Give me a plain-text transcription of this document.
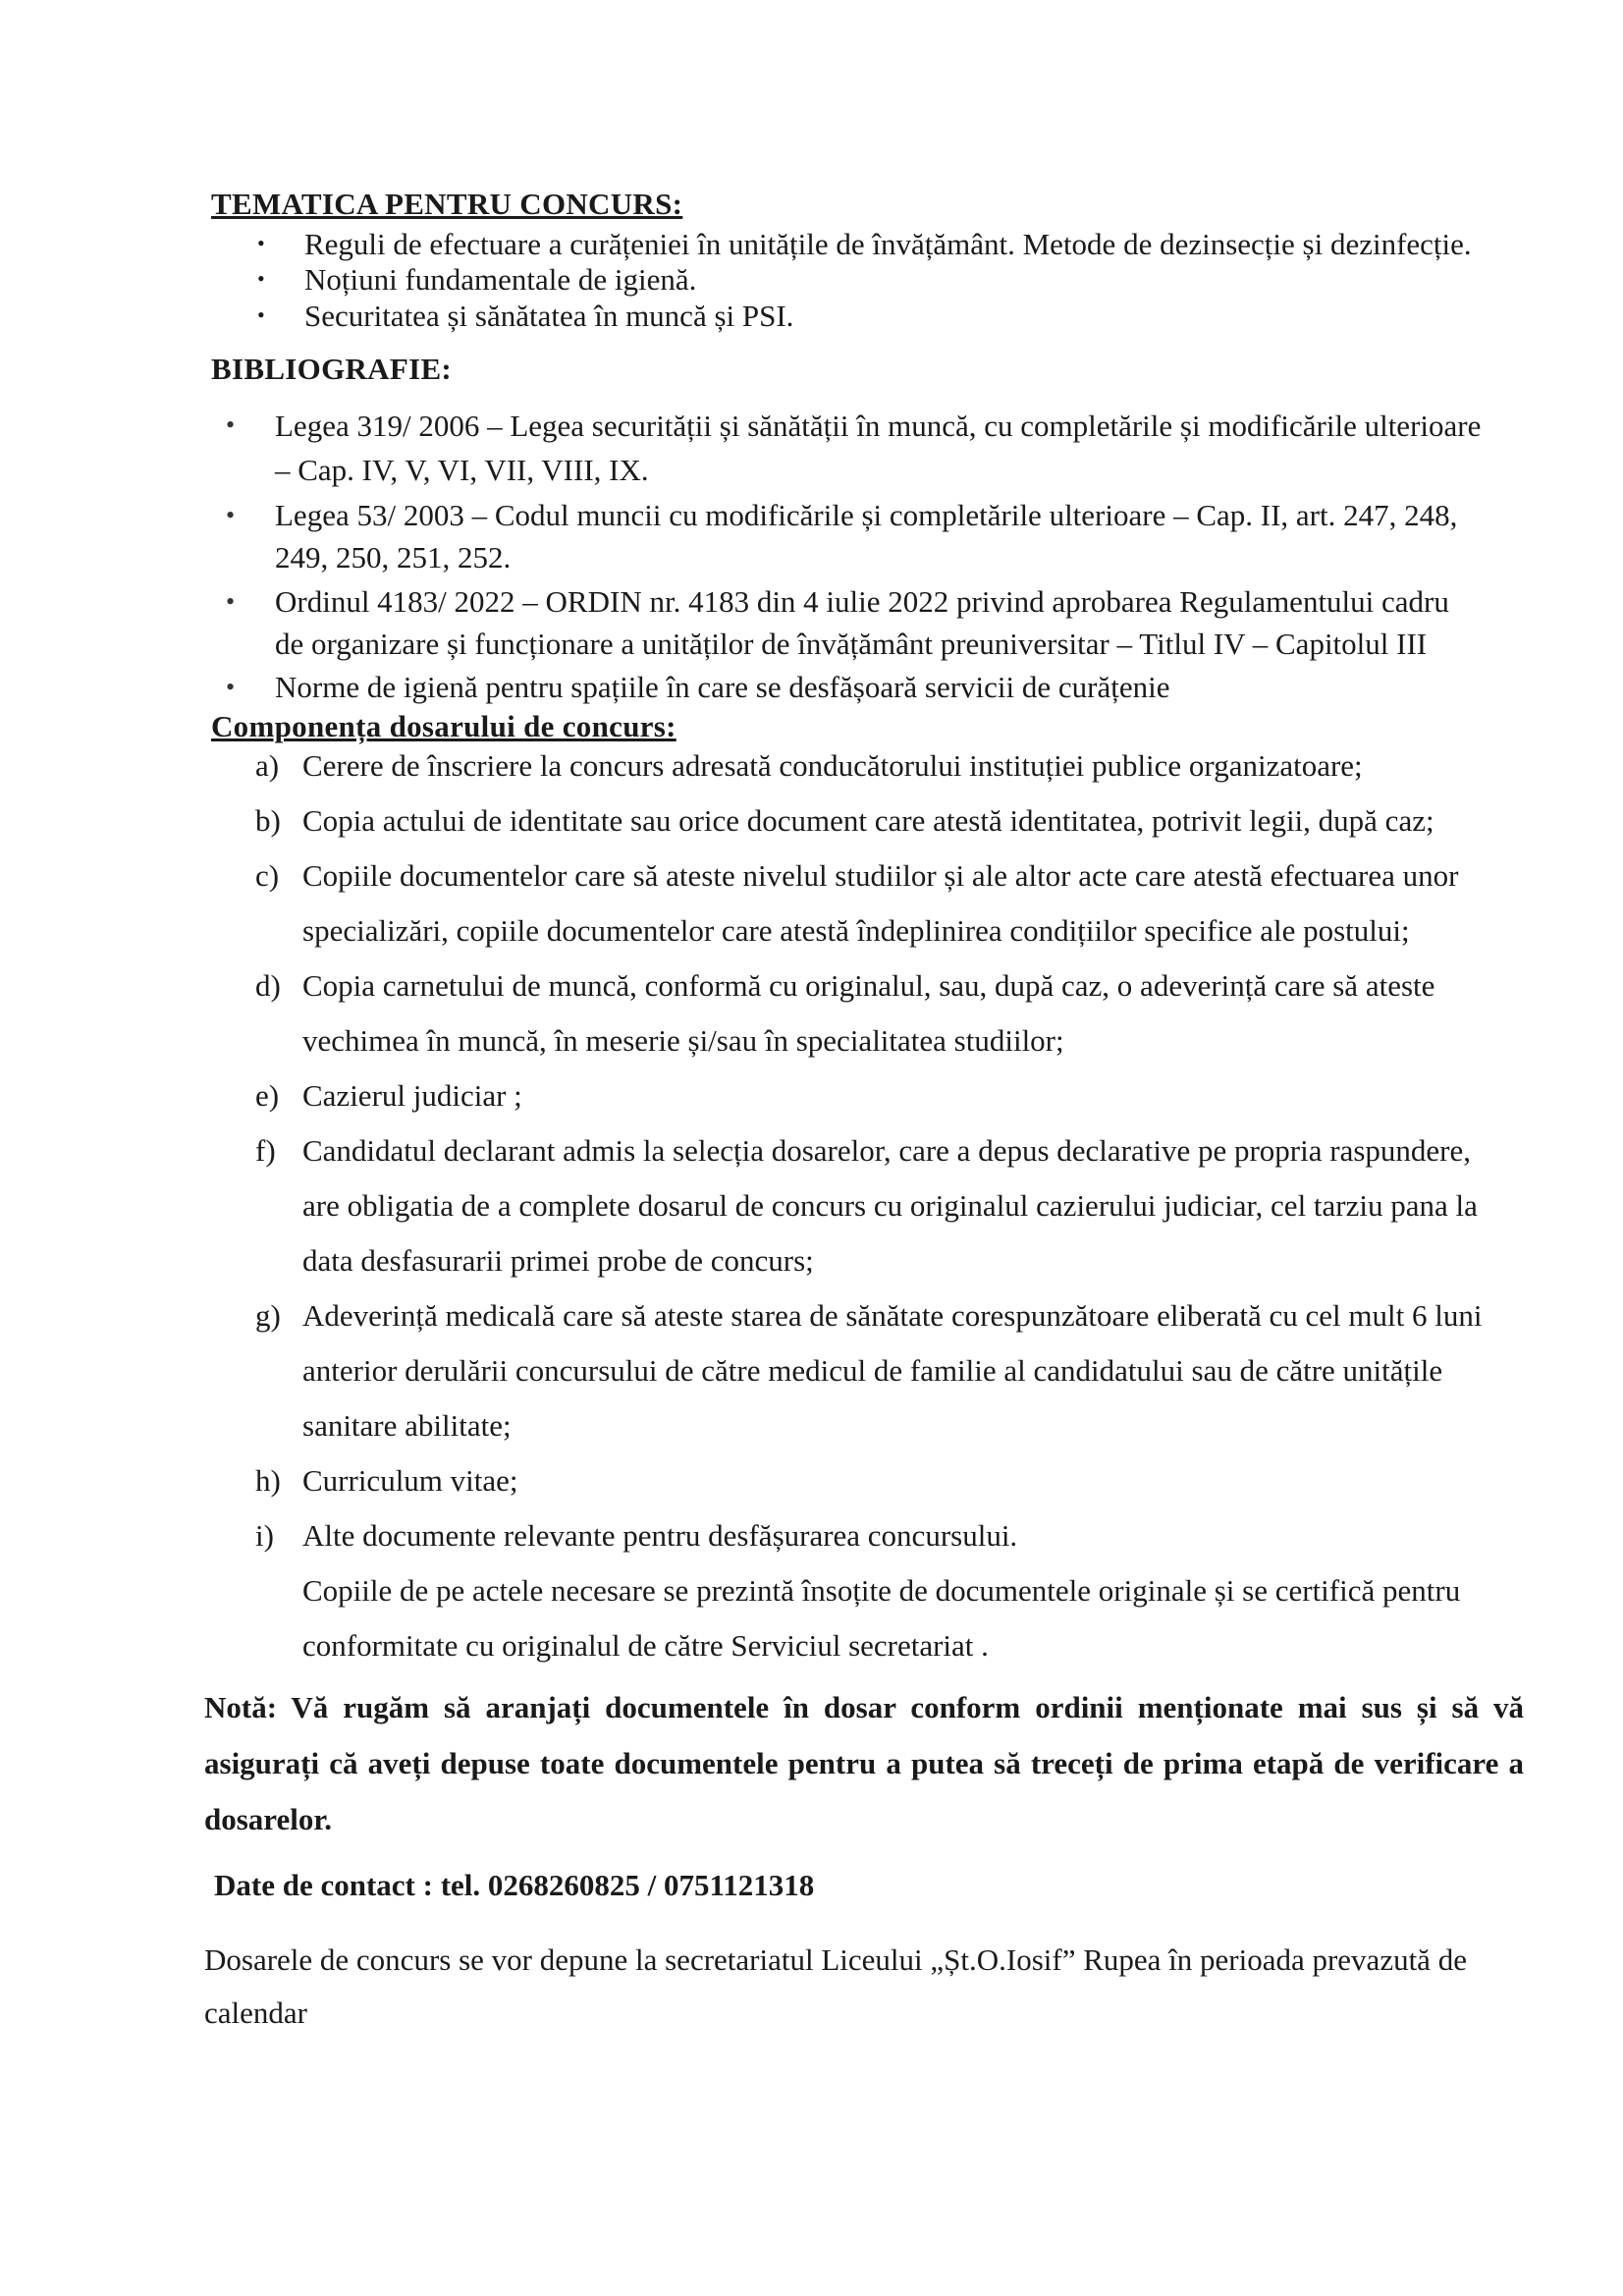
TEMATICA PENTRU CONCURS:
• Reguli de efectuare a curățeniei în unitățile de învățământ. Metode de dezinsecție și dezinfecție.
• Noțiuni fundamentale de igienă.
• Securitatea și sănătatea în muncă și PSI.
BIBLIOGRAFIE:
• Legea 319/ 2006 – Legea securității și sănătății în muncă, cu completările și modificările ulterioare
– Cap. IV, V, VI, VII, VIII, IX.
• Legea 53/ 2003 – Codul muncii cu modificările și completările ulterioare – Cap. II, art. 247, 248,
249, 250, 251, 252.
• Ordinul 4183/ 2022 – ORDIN nr. 4183 din 4 iulie 2022 privind aprobarea Regulamentului cadru
de organizare și funcționare a unităților de învățământ preuniversitar – Titlul IV – Capitolul III
• Norme de igienă pentru spațiile în care se desfășoară servicii de curățenie
Componența dosarului de concurs:
a) Cerere de înscriere la concurs adresată conducătorului instituției publice organizatoare;
b) Copia actului de identitate sau orice document care atestă identitatea, potrivit legii, după caz;
c) Copiile documentelor care să ateste nivelul studiilor și ale altor acte care atestă efectuarea unor
specializări, copiile documentelor care atestă îndeplinirea condițiilor specifice ale postului;
d) Copia carnetului de muncă, conformă cu originalul, sau, după caz, o adeverință care să ateste
vechimea în muncă, în meserie și/sau în specialitatea studiilor;
e) Cazierul judiciar ;
f) Candidatul declarant admis la selecția dosarelor, care a depus declarative pe propria raspundere,
are obligatia de a complete dosarul de concurs cu originalul cazierului judiciar, cel tarziu pana la
data desfasurarii primei probe de concurs;
g) Adeverință medicală care să ateste starea de sănătate corespunzătoare eliberată cu cel mult 6 luni
anterior derulării concursului de către medicul de familie al candidatului sau de către unitățile
sanitare abilitate;
h) Curriculum vitae;
i) Alte documente relevante pentru desfășurarea concursului.
Copiile de pe actele necesare se prezintă însoțite de documentele originale și se certifică pentru
conformitate cu originalul de către Serviciul secretariat .
Notă: Vă rugăm să aranjați documentele în dosar conform ordinii menționate mai sus și să vă asigurați că aveți depuse toate documentele pentru a putea să treceți de prima etapă de verificare a dosarelor.
Date de contact : tel. 0268260825 / 0751121318
Dosarele de concurs se vor depune la secretariatul Liceului „Șt.O.Iosif” Rupea în perioada prevazută de
calendar
